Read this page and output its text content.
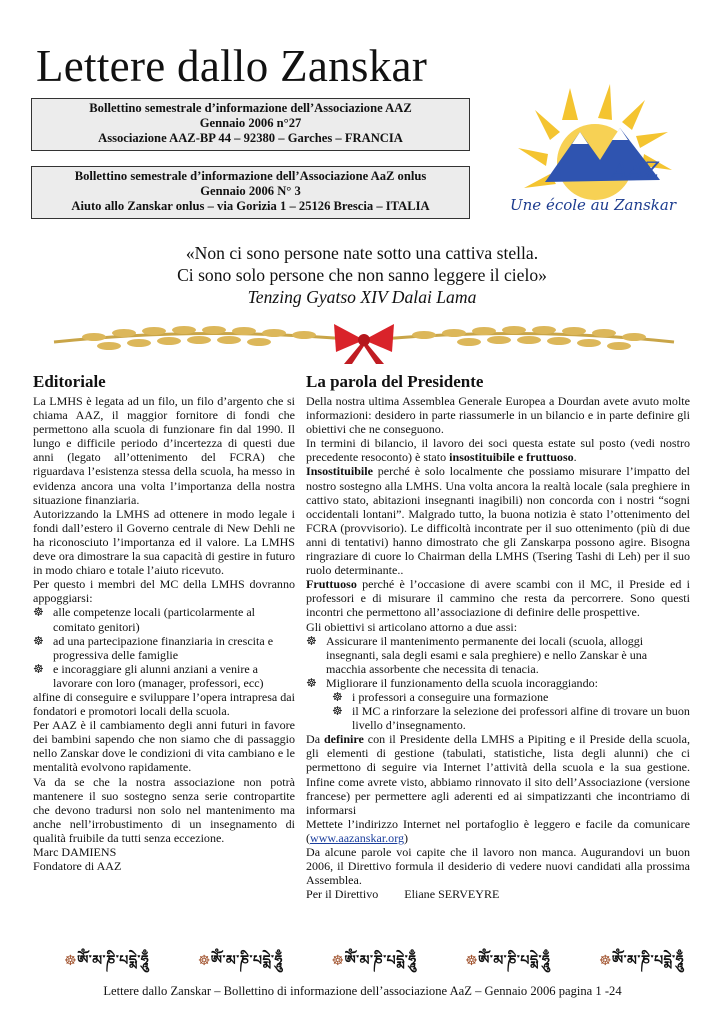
Lettere dallo Zanskar
Bollettino semestrale d’informazione dell’Associazione AAZ
Gennaio 2006 n°27
Associazione AAZ-BP 44 – 92380 – Garches – FRANCIA
Bollettino semestrale d’informazione dell’Associazione AaZ onlus
Gennaio 2006 N° 3
Aiuto allo Zanskar onlus – via Gorizia 1 – 25126 Brescia – ITALIA
AAZ
Une école au Zanskar
«Non ci sono persone nate sotto una cattiva stella.
Ci sono solo persone che non sanno leggere il cielo»
Tenzing Gyatso XIV Dalai Lama
Editoriale

La LMHS è legata ad un filo, un filo d’argento che si chiama AAZ, il maggior fornitore di fondi che permettono alla scuola di funzionare fin dal 1990. Il lungo e difficile periodo d’incertezza di questi due anni (legato all’ottenimento del FCRA) che riguardava l’esistenza stessa della scuola, ha messo in evidenza ancora una volta l’importanza della nostra situazione finanziaria.

Autorizzando la LMHS ad ottenere in modo legale i fondi dall’estero il Governo centrale di New Dehli ne ha riconosciuto l’importanza ed il valore. La LMHS deve ora dimostrare la sua capacità di gestire in futuro in modo chiaro e totale l’aiuto ricevuto.

Per questo i membri del MC della LMHS dovranno appoggiarsi:

☸ alle competenze locali (particolarmente al comitato genitori)
☸ ad una partecipazione finanziaria in crescita e progressiva delle famiglie
☸ e incoraggiare gli alunni anziani a venire a lavorare con loro (manager, professori, ecc)

alfine di conseguire e sviluppare l’opera intrapresa dai fondatori e promotori locali della scuola.

Per AAZ è il cambiamento degli anni futuri in favore dei bambini sapendo che non siamo che di passaggio nello Zanskar dove le condizioni di vita cambiano e le mentalità evolvono rapidamente.

Va da se che la nostra associazione non potrà mantenere il suo sostegno senza serie contropartite che devono tradursi non solo nel mantenimento ma anche nell’irrobustimento di un insegnamento di qualità fruibile da tutti senza eccezione.

Marc DAMIENS

Fondatore di AAZ

La parola del Presidente

Della nostra ultima Assemblea Generale Europea a Dourdan avete avuto molte informazioni: desidero in parte riassumerle in un bilancio e in parte definire gli obiettivi che ne conseguono.

In termini di bilancio, il lavoro dei soci questa estate sul posto (vedi nostro precedente resoconto) è stato insostituibile e fruttuoso.

Insostituibile perché è solo localmente che possiamo misurare l’impatto del nostro sostegno alla LMHS. Una volta ancora la realtà locale (sala preghiere in cattivo stato, abitazioni insegnanti inagibili) non concorda con i nostri “sogni occidentali lontani”. Malgrado tutto, la buona notizia è stato l’ottenimento del FCRA (provvisorio). Le difficoltà incontrate per il suo ottenimento (più di due anni di tentativi) hanno dimostrato che gli Zanskarpa possono agire. Bisogna ringraziare di cuore lo Chairman della LMHS (Tsering Tashi di Leh) per il suo ruolo determinante..

Fruttuoso perché è l’occasione di avere scambi con il MC, il Preside ed i professori e di misurare il cammino che resta da percorrere. Sono questi incontri che permettono all’associazione di definire delle prospettive.

Gli obiettivi si articolano attorno a due assi:

☸ Assicurare il mantenimento permanente dei locali (scuola, alloggi insegnanti, sala degli esami e sala preghiere) e nello Zanskar è una macchia assorbente che necessita di tenacia.
☸ Migliorare il funzionamento della scuola incoraggiando:
☸ i professori a conseguire una formazione
☸ il MC a rinforzare la selezione dei professori alfine di trovare un buon livello d’insegnamento.

Da definire con il Presidente della LMHS a Pipiting e il Preside della scuola, gli elementi di gestione (tabulati, statistiche, lista degli alunni) che ci permettono di seguire via Internet l’attività della scuola e la sua gestione. Infine come avrete visto, abbiamo rinnovato il sito dell’Associazione (versione francese) per permettere agli aderenti ed ai simpatizzanti che incontriamo di informarsi

Mettete l’indirizzo Internet nel portafoglio è leggero e facile da comunicare (www.aazanskar.org)

Da alcune parole voi capite che il lavoro non manca. Augurandovi un buon 2006, il Direttivo formula il desiderio di vedere nuovi candidati alla prossima Assemblea.

Per il Direttivo Eliane SERVEYRE

☸ཨོཾ་མ་ཎི་པདྨེ་ཧཱུྃ	☸ཨོཾ་མ་ཎི་པདྨེ་ཧཱུྃ	☸ཨོཾ་མ་ཎི་པདྨེ་ཧཱུྃ	☸ཨོཾ་མ་ཎི་པདྨེ་ཧཱུྃ	☸ཨོཾ་མ་ཎི་པདྨེ་ཧཱུྃ
Lettere dallo Zanskar – Bollettino di informazione dell’associazione AaZ – Gennaio 2006 pagina 1 -24
